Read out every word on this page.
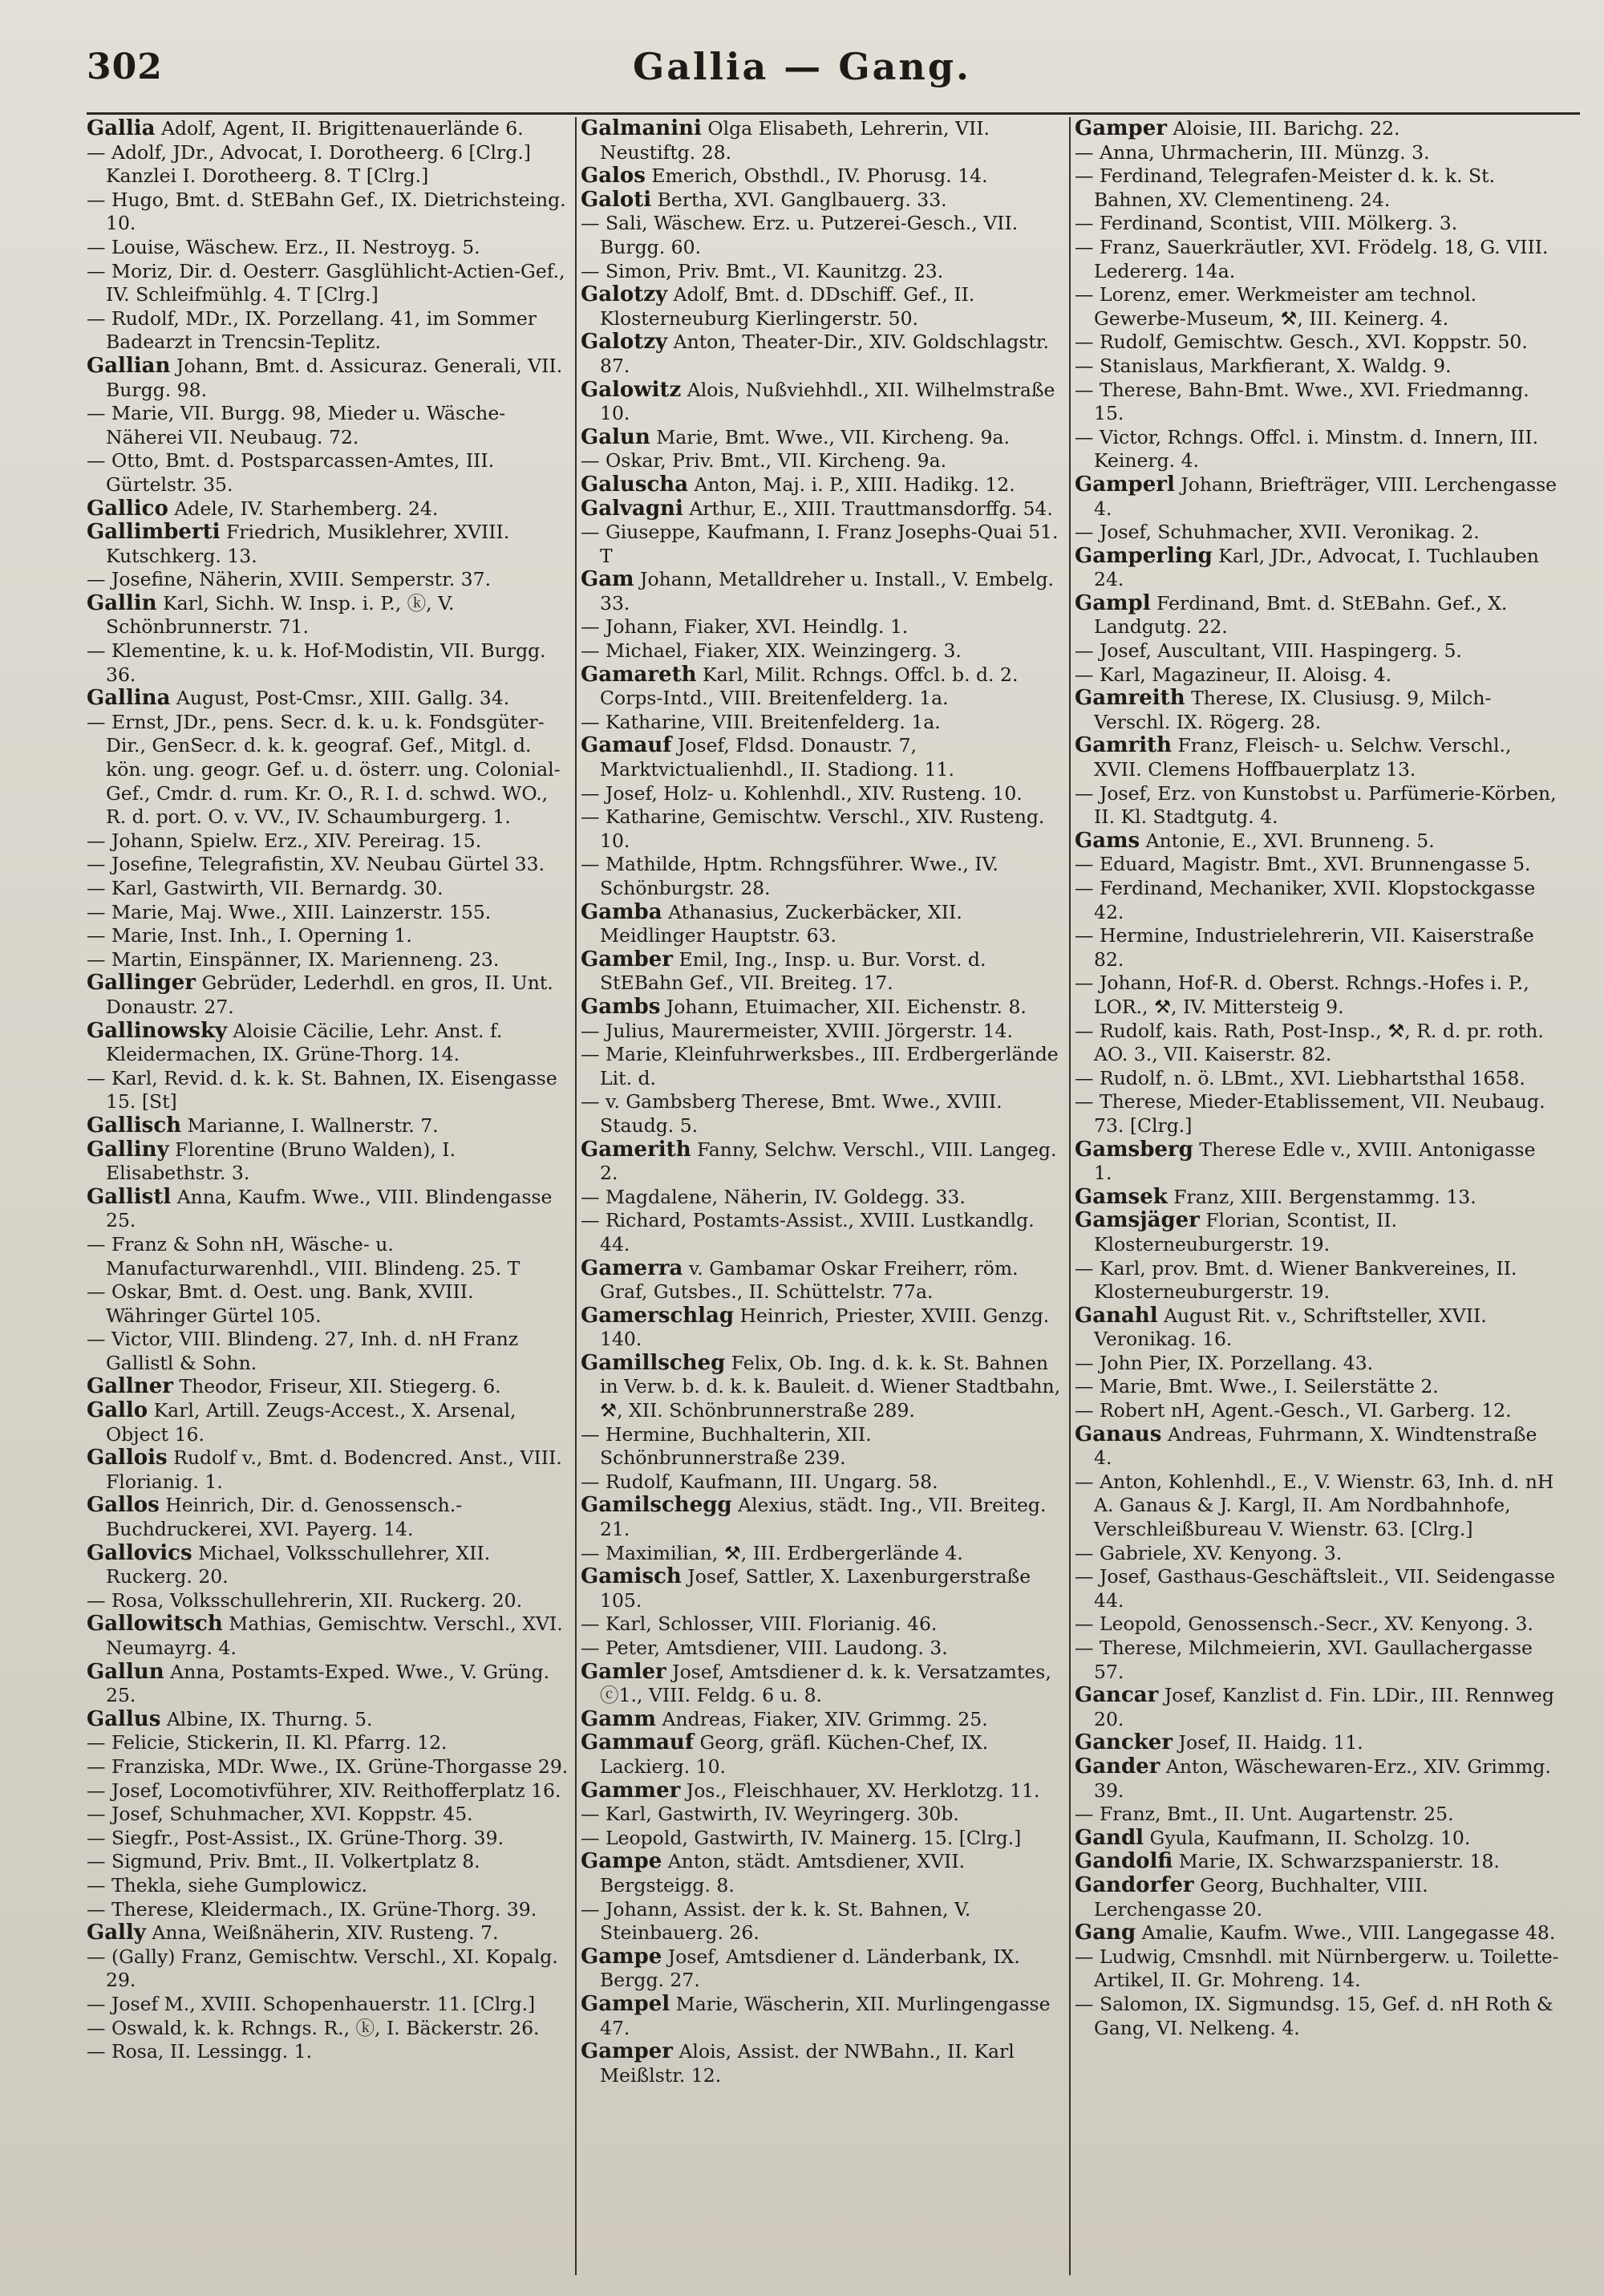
302	Gallia — Gang.

Gallia Adolf, Agent, II. Brigittenauerlände 6.

— Adolf, JDr., Advocat, I. Dorotheerg. 6 [Clrg.] Kanzlei I. Dorotheerg. 8. T [Clrg.]

— Hugo, Bmt. d. StEBahn Gef., IX. Dietrichsteing. 10.

— Louise, Wäschew. Erz., II. Nestroyg. 5.

— Moriz, Dir. d. Oesterr. Gasglühlicht-Actien-Gef., IV. Schleifmühlg. 4. T [Clrg.]

— Rudolf, MDr., IX. Porzellang. 41, im Sommer Badearzt in Trencsin-Teplitz.

Gallian Johann, Bmt. d. Assicuraz. Generali, VII. Burgg. 98.

— Marie, VII. Burgg. 98, Mieder u. Wäsche-Näherei VII. Neubaug. 72.

— Otto, Bmt. d. Postsparcassen-Amtes, III. Gürtelstr. 35.

Gallico Adele, IV. Starhemberg. 24.

Gallimberti Friedrich, Musiklehrer, XVIII. Kutschkerg. 13.

— Josefine, Näherin, XVIII. Semperstr. 37.

Gallin Karl, Sichh. W. Insp. i. P., ⓚ, V. Schönbrunnerstr. 71.

— Klementine, k. u. k. Hof-Modistin, VII. Burgg. 36.

Gallina August, Post-Cmsr., XIII. Gallg. 34.

— Ernst, JDr., pens. Secr. d. k. u. k. Fondsgüter-Dir., GenSecr. d. k. k. geograf. Gef., Mitgl. d. kön. ung. geogr. Gef. u. d. österr. ung. Colonial-Gef., Cmdr. d. rum. Kr. O., R. I. d. schwd. WO., R. d. port. O. v. VV., IV. Schaumburgerg. 1.

— Johann, Spielw. Erz., XIV. Pereirag. 15.

— Josefine, Telegrafistin, XV. Neubau Gürtel 33.

— Karl, Gastwirth, VII. Bernardg. 30.

— Marie, Maj. Wwe., XIII. Lainzerstr. 155.

— Marie, Inst. Inh., I. Operning 1.

— Martin, Einspänner, IX. Marienneng. 23.

Gallinger Gebrüder, Lederhdl. en gros, II. Unt. Donaustr. 27.

Gallinowsky Aloisie Cäcilie, Lehr. Anst. f. Kleidermachen, IX. Grüne-Thorg. 14.

— Karl, Revid. d. k. k. St. Bahnen, IX. Eisengasse 15. [St]

Gallisch Marianne, I. Wallnerstr. 7.

Galliny Florentine (Bruno Walden), I. Elisabethstr. 3.

Gallistl Anna, Kaufm. Wwe., VIII. Blindengasse 25.

— Franz & Sohn nH, Wäsche- u. Manufacturwarenhdl., VIII. Blindeng. 25. T

— Oskar, Bmt. d. Oest. ung. Bank, XVIII. Währinger Gürtel 105.

— Victor, VIII. Blindeng. 27, Inh. d. nH Franz Gallistl & Sohn.

Gallner Theodor, Friseur, XII. Stiegerg. 6.

Gallo Karl, Artill. Zeugs-Accest., X. Arsenal, Object 16.

Gallois Rudolf v., Bmt. d. Bodencred. Anst., VIII. Florianig. 1.

Gallos Heinrich, Dir. d. Genossensch.-Buchdruckerei, XVI. Payerg. 14.

Gallovics Michael, Volksschullehrer, XII. Ruckerg. 20.

— Rosa, Volksschullehrerin, XII. Ruckerg. 20.

Gallowitsch Mathias, Gemischtw. Verschl., XVI. Neumayrg. 4.

Gallun Anna, Postamts-Exped. Wwe., V. Grüng. 25.

Gallus Albine, IX. Thurng. 5.

— Felicie, Stickerin, II. Kl. Pfarrg. 12.

— Franziska, MDr. Wwe., IX. Grüne-Thorgasse 29.

— Josef, Locomotivführer, XIV. Reithofferplatz 16.

— Josef, Schuhmacher, XVI. Koppstr. 45.

— Siegfr., Post-Assist., IX. Grüne-Thorg. 39.

— Sigmund, Priv. Bmt., II. Volkertplatz 8.

— Thekla, siehe Gumplowicz.

— Therese, Kleidermach., IX. Grüne-Thorg. 39.

Gally Anna, Weißnäherin, XIV. Rusteng. 7.

— (Gally) Franz, Gemischtw. Verschl., XI. Kopalg. 29.

— Josef M., XVIII. Schopenhauerstr. 11. [Clrg.]

— Oswald, k. k. Rchngs. R., ⓚ, I. Bäckerstr. 26.

— Rosa, II. Lessingg. 1.

Galmanini Olga Elisabeth, Lehrerin, VII. Neustiftg. 28.

Galos Emerich, Obsthdl., IV. Phorusg. 14.

Galoti Bertha, XVI. Ganglbauerg. 33.

— Sali, Wäschew. Erz. u. Putzerei-Gesch., VII. Burgg. 60.

— Simon, Priv. Bmt., VI. Kaunitzg. 23.

Galotzy Adolf, Bmt. d. DDschiff. Gef., II. Klosterneuburg Kierlingerstr. 50.

Galotzy Anton, Theater-Dir., XIV. Goldschlagstr. 87.

Galowitz Alois, Nußviehhdl., XII. Wilhelmstraße 10.

Galun Marie, Bmt. Wwe., VII. Kircheng. 9a.

— Oskar, Priv. Bmt., VII. Kircheng. 9a.

Galuscha Anton, Maj. i. P., XIII. Hadikg. 12.

Galvagni Arthur, E., XIII. Trauttmansdorffg. 54.

— Giuseppe, Kaufmann, I. Franz Josephs-Quai 51. T

Gam Johann, Metalldreher u. Install., V. Embelg. 33.

— Johann, Fiaker, XVI. Heindlg. 1.

— Michael, Fiaker, XIX. Weinzingerg. 3.

Gamareth Karl, Milit. Rchngs. Offcl. b. d. 2. Corps-Intd., VIII. Breitenfelderg. 1a.

— Katharine, VIII. Breitenfelderg. 1a.

Gamauf Josef, Fldsd. Donaustr. 7, Marktvictualienhdl., II. Stadiong. 11.

— Josef, Holz- u. Kohlenhdl., XIV. Rusteng. 10.

— Katharine, Gemischtw. Verschl., XIV. Rusteng. 10.

— Mathilde, Hptm. Rchngsführer. Wwe., IV. Schönburgstr. 28.

Gamba Athanasius, Zuckerbäcker, XII. Meidlinger Hauptstr. 63.

Gamber Emil, Ing., Insp. u. Bur. Vorst. d. StEBahn Gef., VII. Breiteg. 17.

Gambs Johann, Etuimacher, XII. Eichenstr. 8.

— Julius, Maurermeister, XVIII. Jörgerstr. 14.

— Marie, Kleinfuhrwerksbes., III. Erdbergerlände Lit. d.

— v. Gambsberg Therese, Bmt. Wwe., XVIII. Staudg. 5.

Gamerith Fanny, Selchw. Verschl., VIII. Langeg. 2.

— Magdalene, Näherin, IV. Goldegg. 33.

— Richard, Postamts-Assist., XVIII. Lustkandlg. 44.

Gamerra v. Gambamar Oskar Freiherr, röm. Graf, Gutsbes., II. Schüttelstr. 77a.

Gamerschlag Heinrich, Priester, XVIII. Genzg. 140.

Gamillscheg Felix, Ob. Ing. d. k. k. St. Bahnen in Verw. b. d. k. k. Bauleit. d. Wiener Stadtbahn, ⚒, XII. Schönbrunnerstraße 289.

— Hermine, Buchhalterin, XII. Schönbrunnerstraße 239.

— Rudolf, Kaufmann, III. Ungarg. 58.

Gamilschegg Alexius, städt. Ing., VII. Breiteg. 21.

— Maximilian, ⚒, III. Erdbergerlände 4.

Gamisch Josef, Sattler, X. Laxenburgerstraße 105.

— Karl, Schlosser, VIII. Florianig. 46.

— Peter, Amtsdiener, VIII. Laudong. 3.

Gamler Josef, Amtsdiener d. k. k. Versatzamtes, ⓒ1., VIII. Feldg. 6 u. 8.

Gamm Andreas, Fiaker, XIV. Grimmg. 25.

Gammauf Georg, gräfl. Küchen-Chef, IX. Lackierg. 10.

Gammer Jos., Fleischhauer, XV. Herklotzg. 11.

— Karl, Gastwirth, IV. Weyringerg. 30b.

— Leopold, Gastwirth, IV. Mainerg. 15. [Clrg.]

Gampe Anton, städt. Amtsdiener, XVII. Bergsteigg. 8.

— Johann, Assist. der k. k. St. Bahnen, V. Steinbauerg. 26.

Gampe Josef, Amtsdiener d. Länderbank, IX. Bergg. 27.

Gampel Marie, Wäscherin, XII. Murlingengasse 47.

Gamper Alois, Assist. der NWBahn., II. Karl Meißlstr. 12.

Gamper Aloisie, III. Barichg. 22.

— Anna, Uhrmacherin, III. Münzg. 3.

— Ferdinand, Telegrafen-Meister d. k. k. St. Bahnen, XV. Clementineng. 24.

— Ferdinand, Scontist, VIII. Mölkerg. 3.

— Franz, Sauerkräutler, XVI. Frödelg. 18, G. VIII. Ledererg. 14a.

— Lorenz, emer. Werkmeister am technol. Gewerbe-Museum, ⚒, III. Keinerg. 4.

— Rudolf, Gemischtw. Gesch., XVI. Koppstr. 50.

— Stanislaus, Markfierant, X. Waldg. 9.

— Therese, Bahn-Bmt. Wwe., XVI. Friedmanng. 15.

— Victor, Rchngs. Offcl. i. Minstm. d. Innern, III. Keinerg. 4.

Gamperl Johann, Briefträger, VIII. Lerchengasse 4.

— Josef, Schuhmacher, XVII. Veronikag. 2.

Gamperling Karl, JDr., Advocat, I. Tuchlauben 24.

Gampl Ferdinand, Bmt. d. StEBahn. Gef., X. Landgutg. 22.

— Josef, Auscultant, VIII. Haspingerg. 5.

— Karl, Magazineur, II. Aloisg. 4.

Gamreith Therese, IX. Clusiusg. 9, Milch-Verschl. IX. Rögerg. 28.

Gamrith Franz, Fleisch- u. Selchw. Verschl., XVII. Clemens Hoffbauerplatz 13.

— Josef, Erz. von Kunstobst u. Parfümerie-Körben, II. Kl. Stadtgutg. 4.

Gams Antonie, E., XVI. Brunneng. 5.

— Eduard, Magistr. Bmt., XVI. Brunnengasse 5.

— Ferdinand, Mechaniker, XVII. Klopstockgasse 42.

— Hermine, Industrielehrerin, VII. Kaiserstraße 82.

— Johann, Hof-R. d. Oberst. Rchngs.-Hofes i. P., LOR., ⚒, IV. Mittersteig 9.

— Rudolf, kais. Rath, Post-Insp., ⚒, R. d. pr. roth. AO. 3., VII. Kaiserstr. 82.

— Rudolf, n. ö. LBmt., XVI. Liebhartsthal 1658.

— Therese, Mieder-Etablissement, VII. Neubaug. 73. [Clrg.]

Gamsberg Therese Edle v., XVIII. Antonigasse 1.

Gamsek Franz, XIII. Bergenstammg. 13.

Gamsjäger Florian, Scontist, II. Klosterneuburgerstr. 19.

— Karl, prov. Bmt. d. Wiener Bankvereines, II. Klosterneuburgerstr. 19.

Ganahl August Rit. v., Schriftsteller, XVII. Veronikag. 16.

— John Pier, IX. Porzellang. 43.

— Marie, Bmt. Wwe., I. Seilerstätte 2.

— Robert nH, Agent.-Gesch., VI. Garberg. 12.

Ganaus Andreas, Fuhrmann, X. Windtenstraße 4.

— Anton, Kohlenhdl., E., V. Wienstr. 63, Inh. d. nH A. Ganaus & J. Kargl, II. Am Nordbahnhofe, Verschleißbureau V. Wienstr. 63. [Clrg.]

— Gabriele, XV. Kenyong. 3.

— Josef, Gasthaus-Geschäftsleit., VII. Seidengasse 44.

— Leopold, Genossensch.-Secr., XV. Kenyong. 3.

— Therese, Milchmeierin, XVI. Gaullachergasse 57.

Gancar Josef, Kanzlist d. Fin. LDir., III. Rennweg 20.

Gancker Josef, II. Haidg. 11.

Gander Anton, Wäschewaren-Erz., XIV. Grimmg. 39.

— Franz, Bmt., II. Unt. Augartenstr. 25.

Gandl Gyula, Kaufmann, II. Scholzg. 10.

Gandolfi Marie, IX. Schwarzspanierstr. 18.

Gandorfer Georg, Buchhalter, VIII. Lerchengasse 20.

Gang Amalie, Kaufm. Wwe., VIII. Langegasse 48.

— Ludwig, Cmsnhdl. mit Nürnbergerw. u. Toilette-Artikel, II. Gr. Mohreng. 14.

— Salomon, IX. Sigmundsg. 15, Gef. d. nH Roth & Gang, VI. Nelkeng. 4.
